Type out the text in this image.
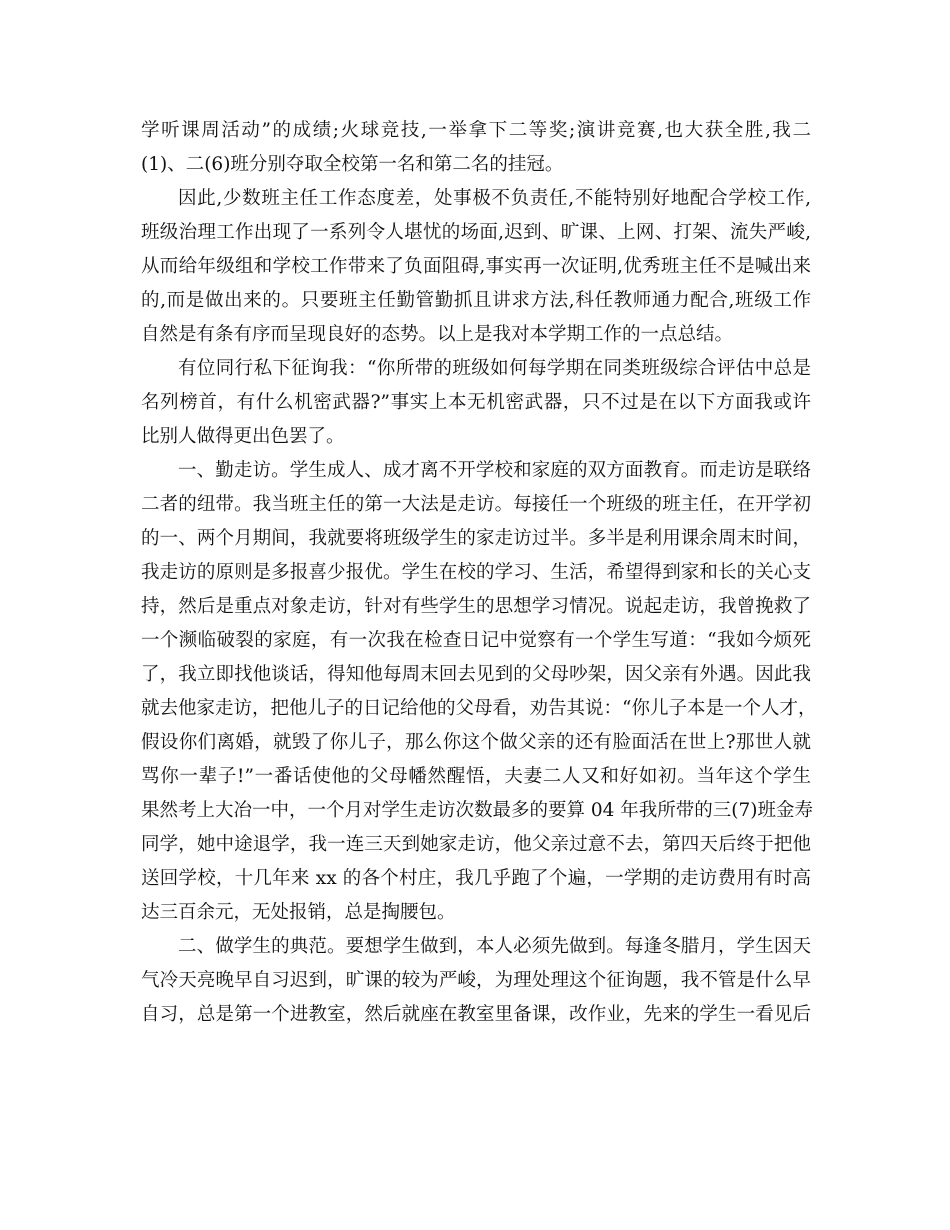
学听课周活动”的成绩;火球竞技,一举拿下二等奖;演讲竞赛,也大获全胜,我二
(1)、二(6)班分别夺取全校第一名和第二名的挂冠。
因此,少数班主任工作态度差，处事极不负责任,不能特别好地配合学校工作,
班级治理工作出现了一系列令人堪忧的场面,迟到、旷课、上网、打架、流失严峻,
从而给年级组和学校工作带来了负面阻碍,事实再一次证明,优秀班主任不是喊出来
的,而是做出来的。只要班主任勤管勤抓且讲求方法,科任教师通力配合,班级工作
自然是有条有序而呈现良好的态势。以上是我对本学期工作的一点总结。
有位同行私下征询我：“你所带的班级如何每学期在同类班级综合评估中总是
名列榜首，有什么机密武器?”事实上本无机密武器，只不过是在以下方面我或许
比别人做得更出色罢了。
一、勤走访。学生成人、成才离不开学校和家庭的双方面教育。而走访是联络
二者的纽带。我当班主任的第一大法是走访。每接任一个班级的班主任，在开学初
的一、两个月期间，我就要将班级学生的家走访过半。多半是利用课余周末时间，
我走访的原则是多报喜少报优。学生在校的学习、生活，希望得到家和长的关心支
持，然后是重点对象走访，针对有些学生的思想学习情况。说起走访，我曾挽救了
一个濒临破裂的家庭，有一次我在检查日记中觉察有一个学生写道：“我如今烦死
了，我立即找他谈话，得知他每周末回去见到的父母吵架，因父亲有外遇。因此我
就去他家走访，把他儿子的日记给他的父母看，劝告其说：“你儿子本是一个人才，
假设你们离婚，就毁了你儿子，那么你这个做父亲的还有脸面活在世上?那世人就
骂你一辈子!”一番话使他的父母幡然醒悟，夫妻二人又和好如初。当年这个学生
果然考上大冶一中，一个月对学生走访次数最多的要算 04 年我所带的三(7)班金寿
同学，她中途退学，我一连三天到她家走访，他父亲过意不去，第四天后终于把他
送回学校，十几年来 xx 的各个村庄，我几乎跑了个遍，一学期的走访费用有时高
达三百余元，无处报销，总是掏腰包。
二、做学生的典范。要想学生做到，本人必须先做到。每逢冬腊月，学生因天
气冷天亮晚早自习迟到，旷课的较为严峻，为理处理这个征询题，我不管是什么早
自习，总是第一个进教室，然后就座在教室里备课，改作业，先来的学生一看见后
